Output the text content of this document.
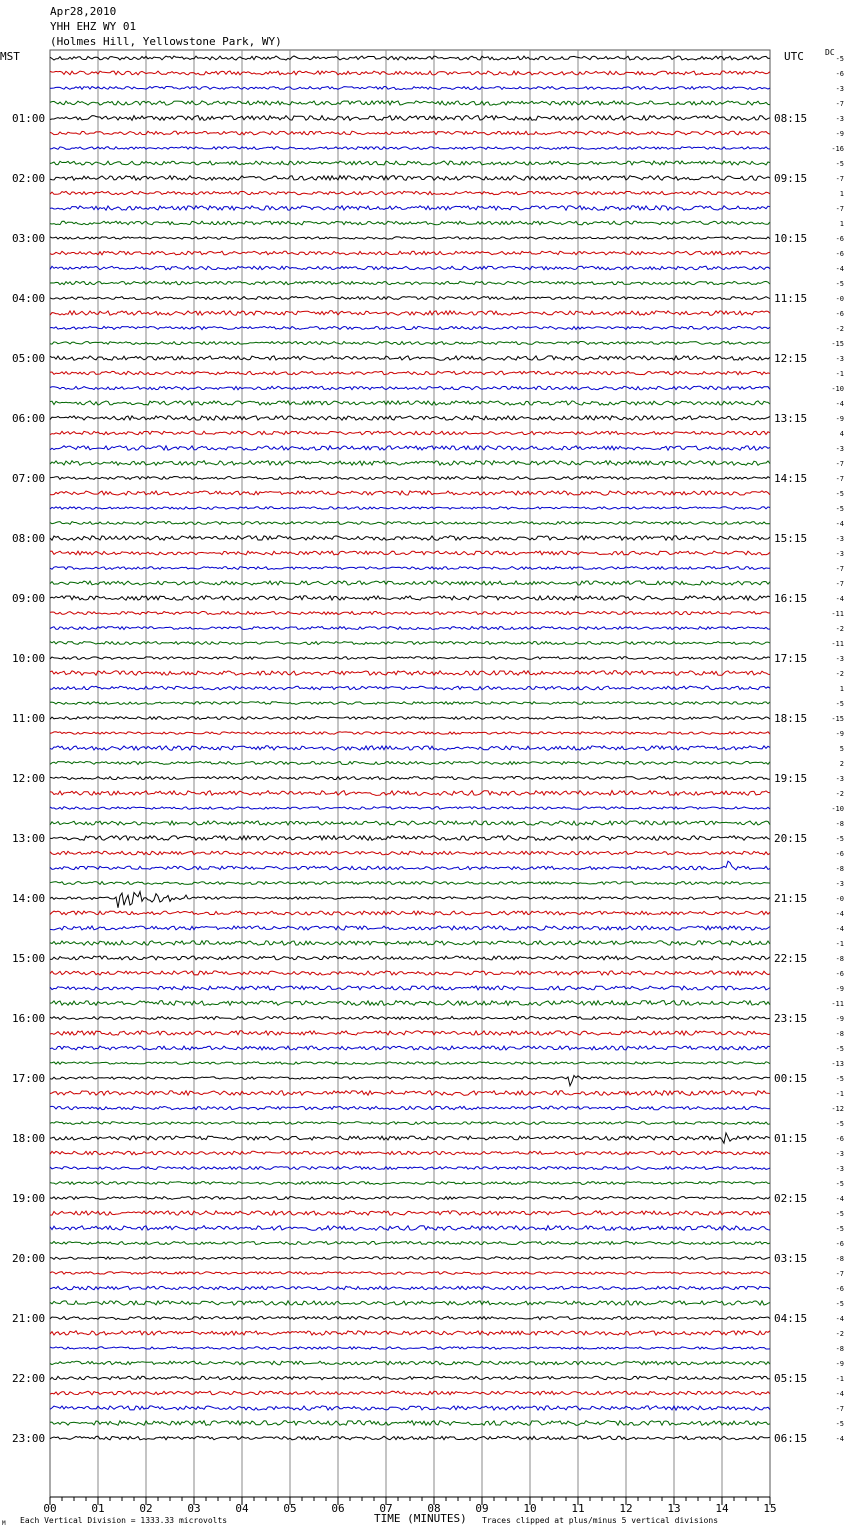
01:00
02:00
03:00
04:00
05:00
06:00
07:00
08:00
09:00
10:00
11:00
12:00
13:00
14:00
15:00
16:00
17:00
18:00
19:00
20:00
21:00
22:00
23:00
08:15
09:15
10:15
11:15
12:15
13:15
14:15
15:15
16:15
17:15
18:15
19:15
20:15
21:15
22:15
23:15
00:15
01:15
02:15
03:15
04:15
05:15
06:15
-5
-6
-3
-7
-3
-9
-16
-5
-7
1
-7
1
-6
-6
-4
-5
-0
-6
-2
-15
-3
-1
-10
-4
-9
4
-3
-7
-7
-5
-5
-4
-3
-3
-7
-7
-4
-11
-2
-11
-3
-2
1
-5
-15
-9
5
2
-3
-2
-10
-8
-5
-6
-8
-3
-0
-4
-4
-1
-8
-6
-9
-11
-9
-8
-5
-13
-5
-1
-12
-5
-6
-3
-3
-5
-4
-5
-5
-6
-8
-7
-6
-5
-4
-2
-8
-9
-1
-4
-7
-5
-4
00	01	02	03	04	05	06	07	08	09	10	11	12	13	14	15
Apr28,2010
YHH EHZ WY 01
(Holmes Hill, Yellowstone Park, WY)
MST	UTC	DC
TIME (MINUTES)
Each Vertical Division = 1333.33 microvolts	Traces clipped at plus/minus 5 vertical divisions
M
